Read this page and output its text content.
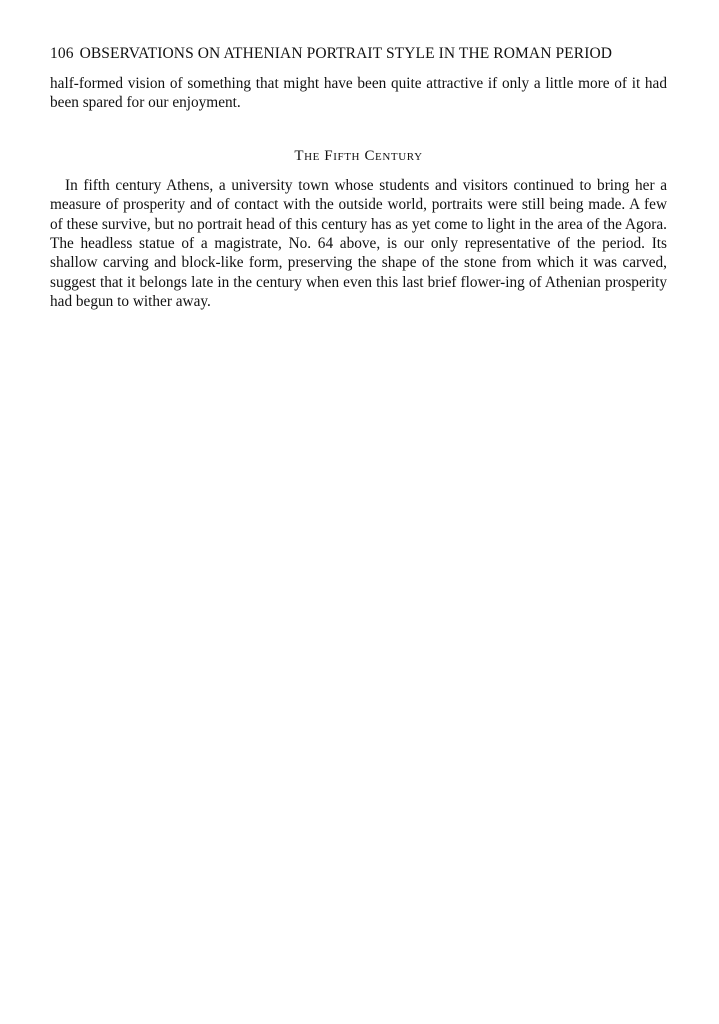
106 OBSERVATIONS ON ATHENIAN PORTRAIT STYLE IN THE ROMAN PERIOD

half-formed vision of something that might have been quite attractive if only a little more of it had been spared for our enjoyment.

The Fifth Century

In fifth century Athens, a university town whose students and visitors continued to bring her a measure of prosperity and of contact with the outside world, portraits were still being made. A few of these survive, but no portrait head of this century has as yet come to light in the area of the Agora. The headless statue of a magistrate, No. 64 above, is our only representative of the period. Its shallow carving and block-like form, preserving the shape of the stone from which it was carved, suggest that it belongs late in the century when even this last brief flower-ing of Athenian prosperity had begun to wither away.
